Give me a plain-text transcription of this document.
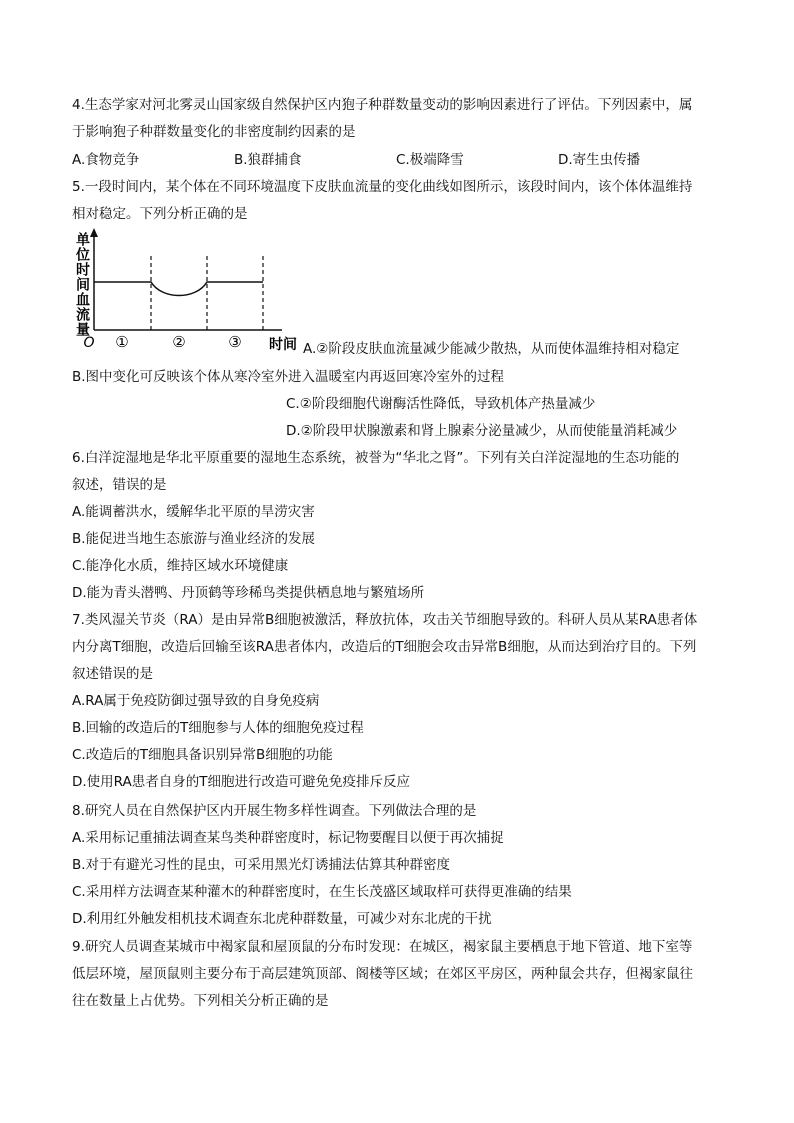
4.生态学家对河北雾灵山国家级自然保护区内狍子种群数量变动的影响因素进行了评估。下列因素中，属
于影响狍子种群数量变化的非密度制约因素的是
A.食物竞争	B.狼群捕食	C.极端降雪	D.寄生虫传播
5.一段时间内，某个体在不同环境温度下皮肤血流量的变化曲线如图所示，该段时间内，该个体体温维持
相对稳定。下列分析正确的是
单位时间血流量
O ①	②	③ 时间 A.②阶段皮肤血流量减少能减少散热，从而使体温维持相对稳定
B.图中变化可反映该个体从寒冷室外进入温暖室内再返回寒冷室外的过程
C.②阶段细胞代谢酶活性降低，导致机体产热量减少
D.②阶段甲状腺激素和肾上腺素分泌量减少，从而使能量消耗减少
6.白洋淀湿地是华北平原重要的湿地生态系统，被誉为“华北之肾”。下列有关白洋淀湿地的生态功能的
叙述，错误的是
A.能调蓄洪水，缓解华北平原的旱涝灾害
B.能促进当地生态旅游与渔业经济的发展
C.能净化水质，维持区域水环境健康
D.能为青头潜鸭、丹顶鹤等珍稀鸟类提供栖息地与繁殖场所
7.类风湿关节炎（RA）是由异常B细胞被激活，释放抗体，攻击关节细胞导致的。科研人员从某RA患者体
内分离T细胞，改造后回输至该RA患者体内，改造后的T细胞会攻击异常B细胞，从而达到治疗目的。下列
叙述错误的是
A.RA属于免疫防御过强导致的自身免疫病
B.回输的改造后的T细胞参与人体的细胞免疫过程
C.改造后的T细胞具备识别异常B细胞的功能
D.使用RA患者自身的T细胞进行改造可避免免疫排斥反应
8.研究人员在自然保护区内开展生物多样性调查。下列做法合理的是
A.采用标记重捕法调查某鸟类种群密度时，标记物要醒目以便于再次捕捉
B.对于有避光习性的昆虫，可采用黑光灯诱捕法估算其种群密度
C.采用样方法调查某种灌木的种群密度时，在生长茂盛区域取样可获得更准确的结果
D.利用红外触发相机技术调查东北虎种群数量，可减少对东北虎的干扰
9.研究人员调查某城市中褐家鼠和屋顶鼠的分布时发现：在城区，褐家鼠主要栖息于地下管道、地下室等
低层环境，屋顶鼠则主要分布于高层建筑顶部、阁楼等区域；在郊区平房区，两种鼠会共存，但褐家鼠往
往在数量上占优势。下列相关分析正确的是
